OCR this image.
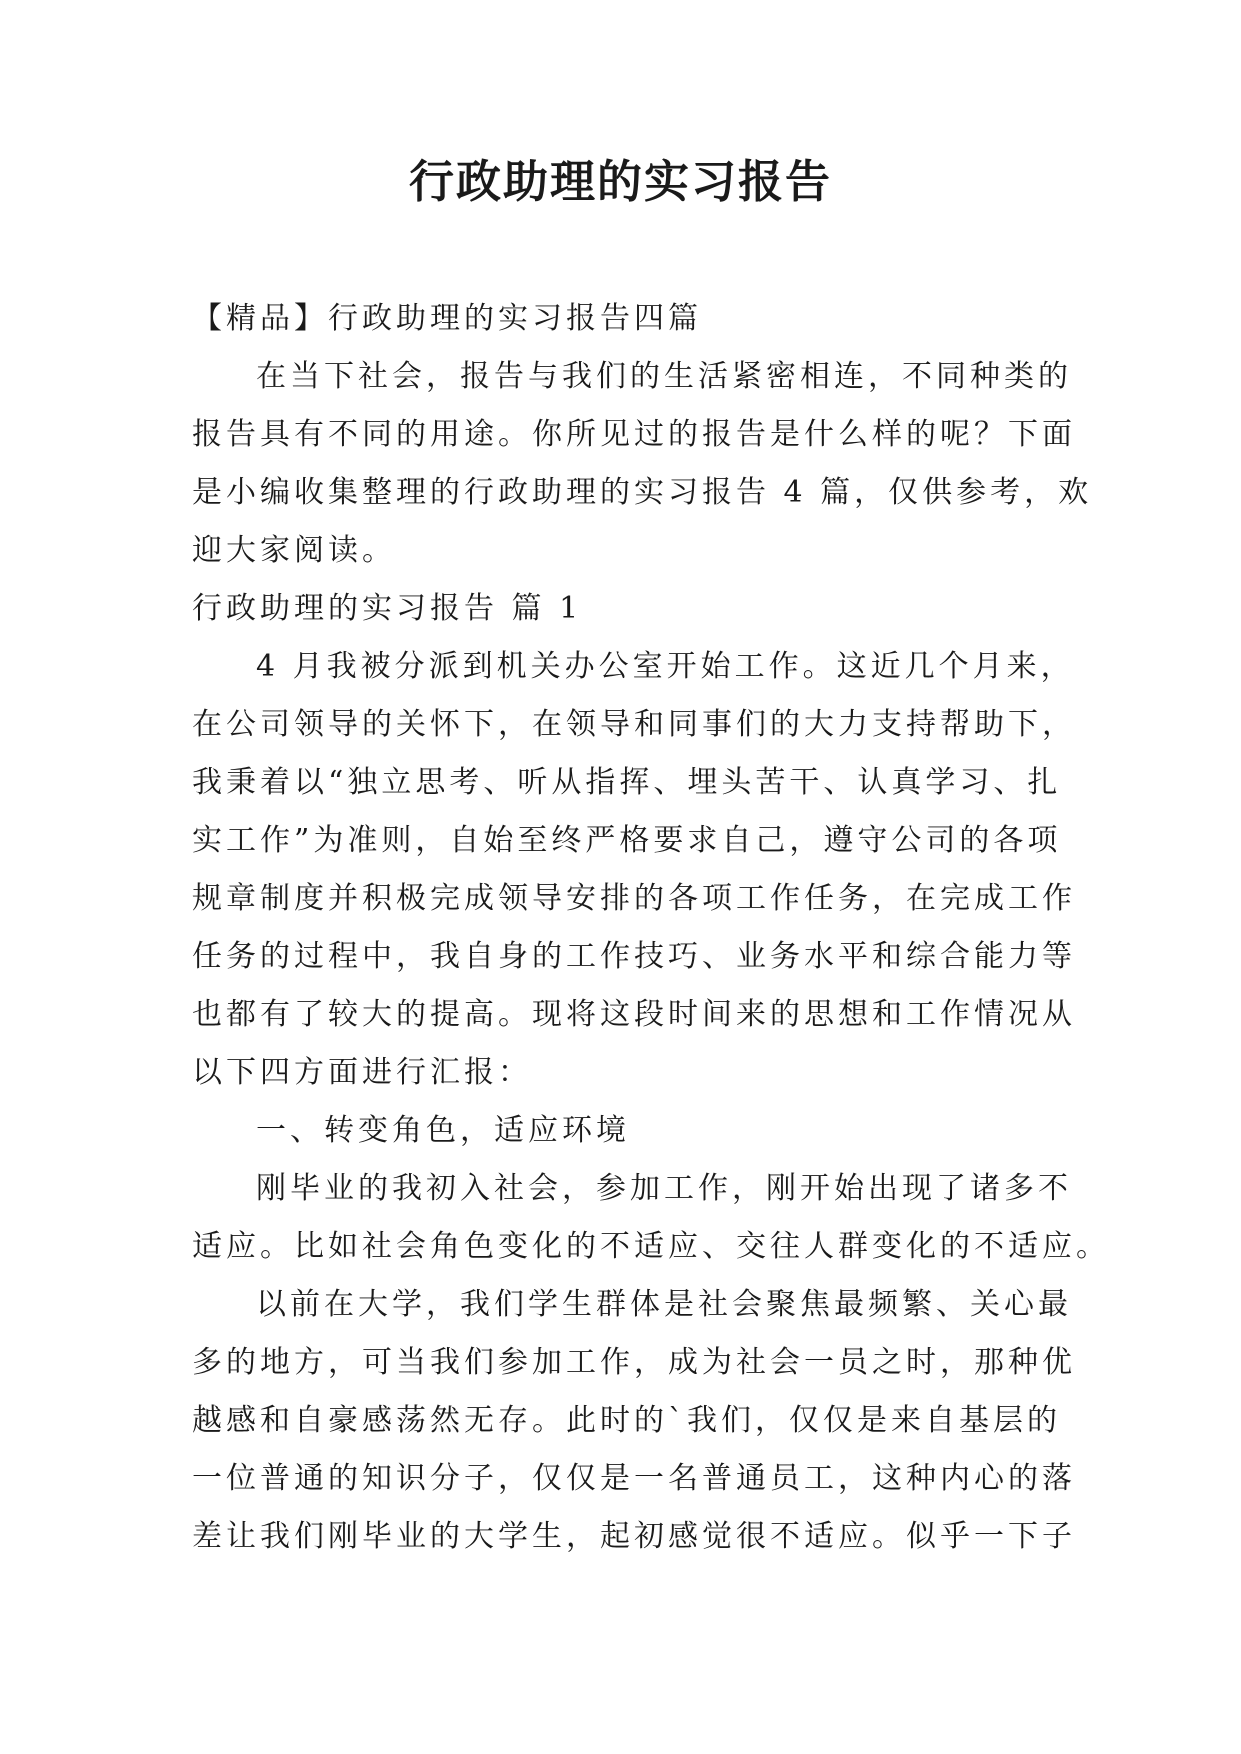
行政助理的实习报告
【精品】行政助理的实习报告四篇
在当下社会，报告与我们的生活紧密相连，不同种类的
报告具有不同的用途。你所见过的报告是什么样的呢？下面
是小编收集整理的行政助理的实习报告 4 篇，仅供参考，欢
迎大家阅读。
行政助理的实习报告 篇 1
4 月我被分派到机关办公室开始工作。这近几个月来，
在公司领导的关怀下，在领导和同事们的大力支持帮助下，
我秉着以“独立思考、听从指挥、埋头苦干、认真学习、扎
实工作”为准则，自始至终严格要求自己，遵守公司的各项
规章制度并积极完成领导安排的各项工作任务，在完成工作
任务的过程中，我自身的工作技巧、业务水平和综合能力等
也都有了较大的提高。现将这段时间来的思想和工作情况从
以下四方面进行汇报：
一、转变角色，适应环境
刚毕业的我初入社会，参加工作，刚开始出现了诸多不
适应。比如社会角色变化的不适应、交往人群变化的不适应。
以前在大学，我们学生群体是社会聚焦最频繁、关心最
多的地方，可当我们参加工作，成为社会一员之时，那种优
越感和自豪感荡然无存。此时的`我们，仅仅是来自基层的
一位普通的知识分子，仅仅是一名普通员工，这种内心的落
差让我们刚毕业的大学生，起初感觉很不适应。似乎一下子
